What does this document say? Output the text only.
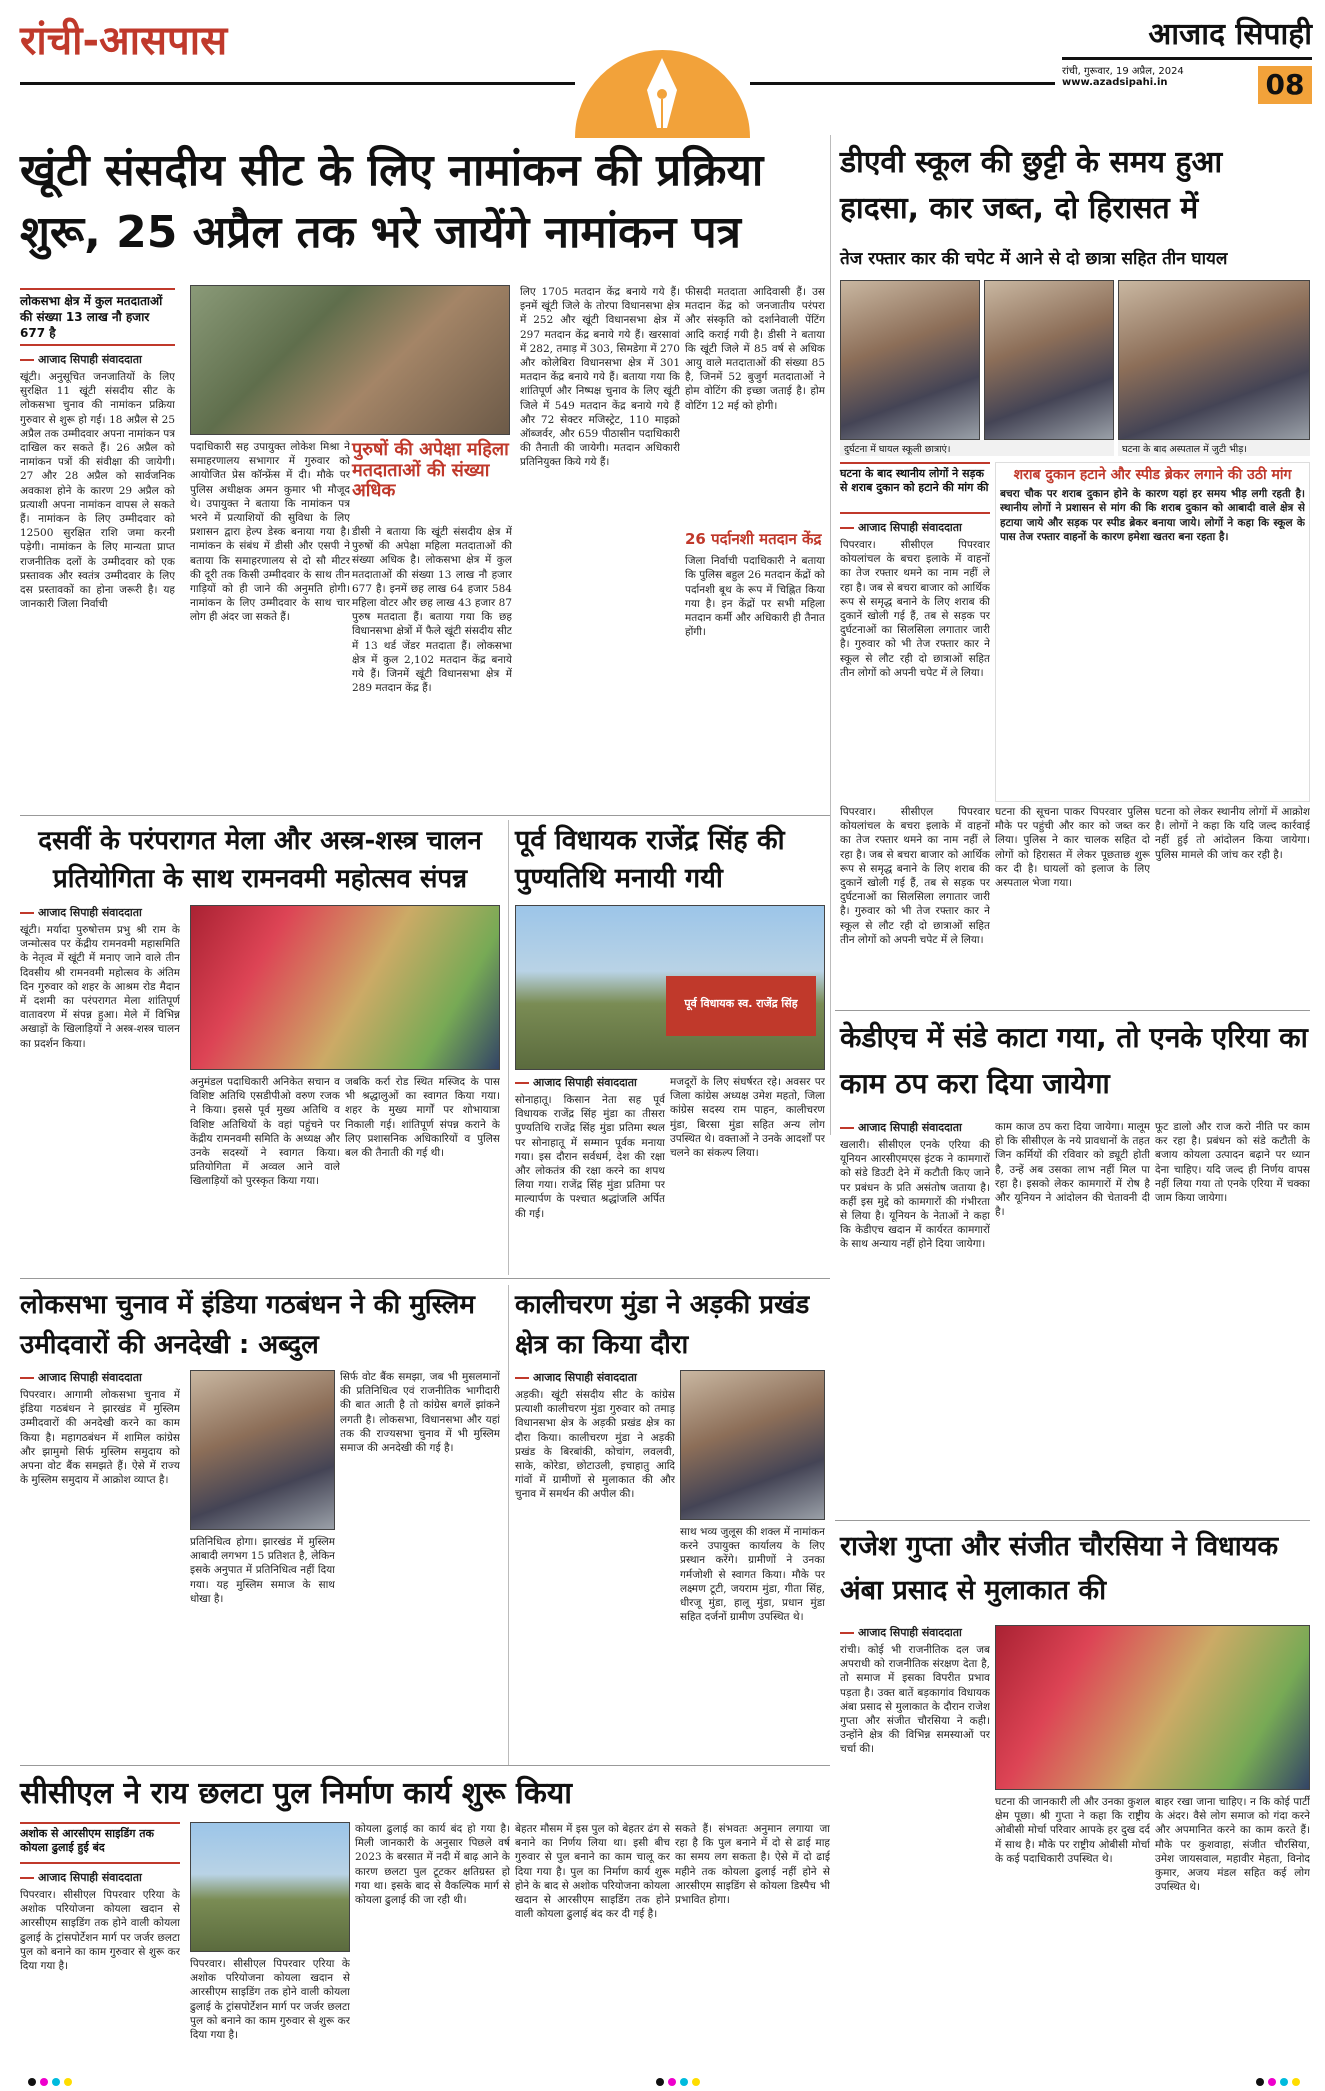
रांची-आसपास	आजाद सिपाही
रांची, गुरूवार, 19 अप्रैल, 2024
www.azadsipahi.in	08
खूंटी संसदीय सीट के लिए नामांकन की प्रक्रिया शुरू, 25 अप्रैल तक भरे जायेंगे नामांकन पत्र

लोकसभा क्षेत्र में कुल मतदाताओं की संख्या 13 लाख नौ हजार 677 है

आजाद सिपाही संवाददाता

खूंटी। अनुसूचित जनजातियों के लिए सुरक्षित 11 खूंटी संसदीय सीट के लोकसभा चुनाव की नामांकन प्रक्रिया गुरुवार से शुरू हो गई। 18 अप्रैल से 25 अप्रैल तक उम्मीदवार अपना नामांकन पत्र दाखिल कर सकते हैं। 26 अप्रैल को नामांकन पत्रों की संवीक्षा की जायेगी। 27 और 28 अप्रैल को सार्वजनिक अवकाश होने के कारण 29 अप्रैल को प्रत्याशी अपना नामांकन वापस ले सकते हैं। नामांकन के लिए उम्मीदवार को 12500 सुरक्षित राशि जमा करनी पड़ेगी। नामांकन के लिए मान्यता प्राप्त राजनीतिक दलों के उम्मीदवार को एक प्रस्तावक और स्वतंत्र उम्मीदवार के लिए दस प्रस्तावकों का होना जरूरी है। यह जानकारी जिला निर्वाची

पदाधिकारी सह उपायुक्त लोकेश मिश्रा ने समाहरणालय सभागार में गुरुवार को आयोजित प्रेस कॉन्फ्रेंस में दी। मौके पर पुलिस अधीक्षक अमन कुमार भी मौजूद थे। उपायुक्त ने बताया कि नामांकन पत्र भरने में प्रत्याशियों की सुविधा के लिए प्रशासन द्वारा हेल्प डेस्क बनाया गया है। नामांकन के संबंध में डीसी और एसपी ने बताया कि समाहरणालय से दो सौ मीटर की दूरी तक किसी उम्मीदवार के साथ तीन गाड़ियों को ही जाने की अनुमति होगी। नामांकन के लिए उम्मीदवार के साथ चार लोग ही अंदर जा सकते हैं।

पुरुषों की अपेक्षा महिला मतदाताओं की संख्या अधिक

डीसी ने बताया कि खूंटी संसदीय क्षेत्र में पुरुषों की अपेक्षा महिला मतदाताओं की संख्या अधिक है। लोकसभा क्षेत्र में कुल मतदाताओं की संख्या 13 लाख नौ हजार 677 है। इनमें छह लाख 64 हजार 584 महिला वोटर और छह लाख 43 हजार 87 पुरुष मतदाता हैं। बताया गया कि छह विधानसभा क्षेत्रों में फैले खूंटी संसदीय सीट में 13 थर्ड जेंडर मतदाता हैं। लोकसभा क्षेत्र में कुल 2,102 मतदान केंद्र बनाये गये हैं। जिनमें खूंटी विधानसभा क्षेत्र में 289 मतदान केंद्र हैं।

लिए 1705 मतदान केंद्र बनाये गये हैं। इनमें खूंटी जिले के तोरपा विधानसभा क्षेत्र में 252 और खूंटी विधानसभा क्षेत्र में 297 मतदान केंद्र बनाये गये हैं। खरसावां में 282, तमाड़ में 303, सिमडेगा में 270 और कोलेबिरा विधानसभा क्षेत्र में 301 मतदान केंद्र बनाये गये हैं। बताया गया कि शांतिपूर्ण और निष्पक्ष चुनाव के लिए खूंटी जिले में 549 मतदान केंद्र बनाये गये हैं और 72 सेक्टर मजिस्ट्रेट, 110 माइक्रो ऑब्जर्वर, और 659 पीठासीन पदाधिकारी की तैनाती की जायेगी। मतदान अधिकारी प्रतिनियुक्त किये गये हैं।

फीसदी मतदाता आदिवासी हैं। उस मतदान केंद्र को जनजातीय परंपरा और संस्कृति को दर्शानेवाली पेंटिंग आदि कराई गयी है। डीसी ने बताया कि खूंटी जिले में 85 वर्ष से अधिक आयु वाले मतदाताओं की संख्या 85 है, जिनमें 52 बुजुर्ग मतदाताओं ने होम वोटिंग की इच्छा जताई है। होम वोटिंग 12 मई को होगी।

26 पर्दानशी मतदान केंद्र

जिला निर्वाची पदाधिकारी ने बताया कि पुलिस बहुल 26 मतदान केंद्रों को पर्दानशी बूथ के रूप में चिह्नित किया गया है। इन केंद्रों पर सभी महिला मतदान कर्मी और अधिकारी ही तैनात होंगी।

डीएवी स्कूल की छुट्टी के समय हुआ हादसा, कार जब्त, दो हिरासत में
तेज रफ्तार कार की चपेट में आने से दो छात्रा सहित तीन घायल
दुर्घटना में घायल स्कूली छात्राएं।	घटना के बाद अस्पताल में जुटी भीड़।

घटना के बाद स्थानीय लोगों ने सड़क से शराब दुकान को हटाने की मांग की

आजाद सिपाही संवाददाता

पिपरवार। सीसीएल पिपरवार कोयलांचल के बचरा इलाके में वाहनों का तेज रफ्तार थमने का नाम नहीं ले रहा है। जब से बचरा बाजार को आर्थिक रूप से समृद्ध बनाने के लिए शराब की दुकानें खोली गई हैं, तब से सड़क पर दुर्घटनाओं का सिलसिला लगातार जारी है। गुरुवार को भी तेज रफ्तार कार ने स्कूल से लौट रही दो छात्राओं सहित तीन लोगों को अपनी चपेट में ले लिया।

शराब दुकान हटाने और स्पीड ब्रेकर लगाने की उठी मांग

बचरा चौक पर शराब दुकान होने के कारण यहां हर समय भीड़ लगी रहती है। स्थानीय लोगों ने प्रशासन से मांग की कि शराब दुकान को आबादी वाले क्षेत्र से हटाया जाये और सड़क पर स्पीड ब्रेकर बनाया जाये। लोगों ने कहा कि स्कूल के पास तेज रफ्तार वाहनों के कारण हमेशा खतरा बना रहता है।

पिपरवार। सीसीएल पिपरवार कोयलांचल के बचरा इलाके में वाहनों का तेज रफ्तार थमने का नाम नहीं ले रहा है। जब से बचरा बाजार को आर्थिक रूप से समृद्ध बनाने के लिए शराब की दुकानें खोली गई हैं, तब से सड़क पर दुर्घटनाओं का सिलसिला लगातार जारी है। गुरुवार को भी तेज रफ्तार कार ने स्कूल से लौट रही दो छात्राओं सहित तीन लोगों को अपनी चपेट में ले लिया।

घटना की सूचना पाकर पिपरवार पुलिस मौके पर पहुंची और कार को जब्त कर लिया। पुलिस ने कार चालक सहित दो लोगों को हिरासत में लेकर पूछताछ शुरू कर दी है। घायलों को इलाज के लिए अस्पताल भेजा गया।

घटना को लेकर स्थानीय लोगों में आक्रोश है। लोगों ने कहा कि यदि जल्द कार्रवाई नहीं हुई तो आंदोलन किया जायेगा। पुलिस मामले की जांच कर रही है।

दसवीं के परंपरागत मेला और अस्त्र-शस्त्र चालन प्रतियोगिता के साथ रामनवमी महोत्सव संपन्न

आजाद सिपाही संवाददाता

खूंटी। मर्यादा पुरुषोत्तम प्रभु श्री राम के जन्मोत्सव पर केंद्रीय रामनवमी महासमिति के नेतृत्व में खूंटी में मनाए जाने वाले तीन दिवसीय श्री रामनवमी महोत्सव के अंतिम दिन गुरुवार को शहर के आश्रम रोड मैदान में दशमी का परंपरागत मेला शांतिपूर्ण वातावरण में संपन्न हुआ। मेले में विभिन्न अखाड़ों के खिलाड़ियों ने अस्त्र-शस्त्र चालन का प्रदर्शन किया।

अनुमंडल पदाधिकारी अनिकेत सचान व विशिष्ट अतिथि एसडीपीओ वरुण रजक ने किया। इससे पूर्व मुख्य अतिथि व विशिष्ट अतिथियों के वहां पहुंचने पर केंद्रीय रामनवमी समिति के अध्यक्ष और उनके सदस्यों ने स्वागत किया। प्रतियोगिता में अव्वल आने वाले खिलाड़ियों को पुरस्कृत किया गया।

जबकि कर्रा रोड स्थित मस्जिद के पास भी श्रद्धालुओं का स्वागत किया गया। शहर के मुख्य मार्गों पर शोभायात्रा निकाली गई। शांतिपूर्ण संपन्न कराने के लिए प्रशासनिक अधिकारियों व पुलिस बल की तैनाती की गई थी।

पूर्व विधायक राजेंद्र सिंह की पुण्यतिथि मनायी गयी
पूर्व विधायक स्व. राजेंद्र सिंह

आजाद सिपाही संवाददाता

सोनाहातू। किसान नेता सह पूर्व विधायक राजेंद्र सिंह मुंडा का तीसरा पुण्यतिथि राजेंद्र सिंह मुंडा प्रतिमा स्थल पर सोनाहातू में सम्मान पूर्वक मनाया गया। इस दौरान सर्वधर्म, देश की रक्षा और लोकतंत्र की रक्षा करने का शपथ लिया गया। राजेंद्र सिंह मुंडा प्रतिमा पर माल्यार्पण के पश्चात श्रद्धांजलि अर्पित की गई।

मजदूरों के लिए संघर्षरत रहे। अवसर पर जिला कांग्रेस अध्यक्ष उमेश महतो, जिला कांग्रेस सदस्य राम पाहन, कालीचरण मुंडा, बिरसा मुंडा सहित अन्य लोग उपस्थित थे। वक्ताओं ने उनके आदर्शों पर चलने का संकल्प लिया।

केडीएच में संडे काटा गया, तो एनके एरिया का काम ठप करा दिया जायेगा

आजाद सिपाही संवाददाता

खलारी। सीसीएल एनके एरिया की यूनियन आरसीएमएस इंटक ने कामगारों को संडे डिउटी देने में कटौती किए जाने पर प्रबंधन के प्रति असंतोष जताया है। कहीं इस मुद्दे को कामगारों की गंभीरता से लिया है। यूनियन के नेताओं ने कहा कि केडीएच खदान में कार्यरत कामगारों के साथ अन्याय नहीं होने दिया जायेगा।

काम काज ठप करा दिया जायेगा। मालूम हो कि सीसीएल के नये प्रावधानों के तहत जिन कर्मियों की रविवार को ड्यूटी होती है, उन्हें अब उसका लाभ नहीं मिल पा रहा है। इसको लेकर कामगारों में रोष है और यूनियन ने आंदोलन की चेतावनी दी है।

फूट डालो और राज करो नीति पर काम कर रहा है। प्रबंधन को संडे कटौती के बजाय कोयला उत्पादन बढ़ाने पर ध्यान देना चाहिए। यदि जल्द ही निर्णय वापस नहीं लिया गया तो एनके एरिया में चक्का जाम किया जायेगा।

लोकसभा चुनाव में इंडिया गठबंधन ने की मुस्लिम उमीदवारों की अनदेखी : अब्दुल

आजाद सिपाही संवाददाता

पिपरवार। आगामी लोकसभा चुनाव में इंडिया गठबंधन ने झारखंड में मुस्लिम उम्मीदवारों की अनदेखी करने का काम किया है। महागठबंधन में शामिल कांग्रेस और झामुमो सिर्फ मुस्लिम समुदाय को अपना वोट बैंक समझते हैं। ऐसे में राज्य के मुस्लिम समुदाय में आक्रोश व्याप्त है।

प्रतिनिधित्व होगा। झारखंड में मुस्लिम आबादी लगभग 15 प्रतिशत है, लेकिन इसके अनुपात में प्रतिनिधित्व नहीं दिया गया। यह मुस्लिम समाज के साथ धोखा है।

सिर्फ वोट बैंक समझा, जब भी मुसलमानों की प्रतिनिधित्व एवं राजनीतिक भागीदारी की बात आती है तो कांग्रेस बगलें झांकने लगती है। लोकसभा, विधानसभा और यहां तक की राज्यसभा चुनाव में भी मुस्लिम समाज की अनदेखी की गई है।

कालीचरण मुंडा ने अड़की प्रखंड क्षेत्र का किया दौरा

आजाद सिपाही संवाददाता

अड़की। खूंटी संसदीय सीट के कांग्रेस प्रत्याशी कालीचरण मुंडा गुरुवार को तमाड़ विधानसभा क्षेत्र के अड़की प्रखंड क्षेत्र का दौरा किया। कालीचरण मुंडा ने अड़की प्रखंड के बिरबांकी, कोचांग, लवलवी, साके, कोरेडा, छोटाउली, इचाहातु आदि गांवों में ग्रामीणों से मुलाकात की और चुनाव में समर्थन की अपील की।

साथ भव्य जुलूस की शक्ल में नामांकन करने उपायुक्त कार्यालय के लिए प्रस्थान करेंगे। ग्रामीणों ने उनका गर्मजोशी से स्वागत किया। मौके पर लक्ष्मण टूटी, जयराम मुंडा, गीता सिंह, धीरजू मुंडा, हालू मुंडा, प्रधान मुंडा सहित दर्जनों ग्रामीण उपस्थित थे।

राजेश गुप्ता और संजीत चौरसिया ने विधायक अंबा प्रसाद से मुलाकात की

आजाद सिपाही संवाददाता

रांची। कोई भी राजनीतिक दल जब अपराधी को राजनीतिक संरक्षण देता है, तो समाज में इसका विपरीत प्रभाव पड़ता है। उक्त बातें बड़कागांव विधायक अंबा प्रसाद से मुलाकात के दौरान राजेश गुप्ता और संजीत चौरसिया ने कही। उन्होंने क्षेत्र की विभिन्न समस्याओं पर चर्चा की।

घटना की जानकारी ली और उनका कुशल क्षेम पूछा। श्री गुप्ता ने कहा कि राष्ट्रीय ओबीसी मोर्चा परिवार आपके हर दुख दर्द में साथ है। मौके पर राष्ट्रीय ओबीसी मोर्चा के कई पदाधिकारी उपस्थित थे।

बाहर रखा जाना चाहिए। न कि कोई पार्टी के अंदर। वैसे लोग समाज को गंदा करने और अपमानित करने का काम करते हैं। मौके पर कुशवाहा, संजीत चौरसिया, उमेश जायसवाल, महावीर मेहता, विनोद कुमार, अजय मंडल सहित कई लोग उपस्थित थे।

सीसीएल ने राय छलटा पुल निर्माण कार्य शुरू किया

अशोक से आरसीएम साइडिंग तक कोयला ढुलाई हुई बंद

आजाद सिपाही संवाददाता

पिपरवार। सीसीएल पिपरवार एरिया के अशोक परियोजना कोयला खदान से आरसीएम साइडिंग तक होने वाली कोयला ढुलाई के ट्रांसपोर्टेशन मार्ग पर जर्जर छलटा पुल को बनाने का काम गुरुवार से शुरू कर दिया गया है।	पिपरवार। सीसीएल पिपरवार एरिया के अशोक परियोजना कोयला खदान से आरसीएम साइडिंग तक होने वाली कोयला ढुलाई के ट्रांसपोर्टेशन मार्ग पर जर्जर छलटा पुल को बनाने का काम गुरुवार से शुरू कर दिया गया है।

कोयला ढुलाई का कार्य बंद हो गया है। मिली जानकारी के अनुसार पिछले वर्ष 2023 के बरसात में नदी में बाढ़ आने के कारण छलटा पुल टूटकर क्षतिग्रस्त हो गया था। इसके बाद से वैकल्पिक मार्ग से कोयला ढुलाई की जा रही थी।

बेहतर मौसम में इस पुल को बेहतर ढंग से बनाने का निर्णय लिया था। इसी बीच गुरुवार से पुल बनाने का काम चालू कर दिया गया है। पुल का निर्माण कार्य शुरू होने के बाद से अशोक परियोजना कोयला खदान से आरसीएम साइडिंग तक होने वाली कोयला ढुलाई बंद कर दी गई है।

सकते हैं। संभवतः अनुमान लगाया जा रहा है कि पुल बनाने में दो से ढाई माह का समय लग सकता है। ऐसे में दो ढाई महीने तक कोयला ढुलाई नहीं होने से आरसीएम साइडिंग से कोयला डिस्पैच भी प्रभावित होगा।
